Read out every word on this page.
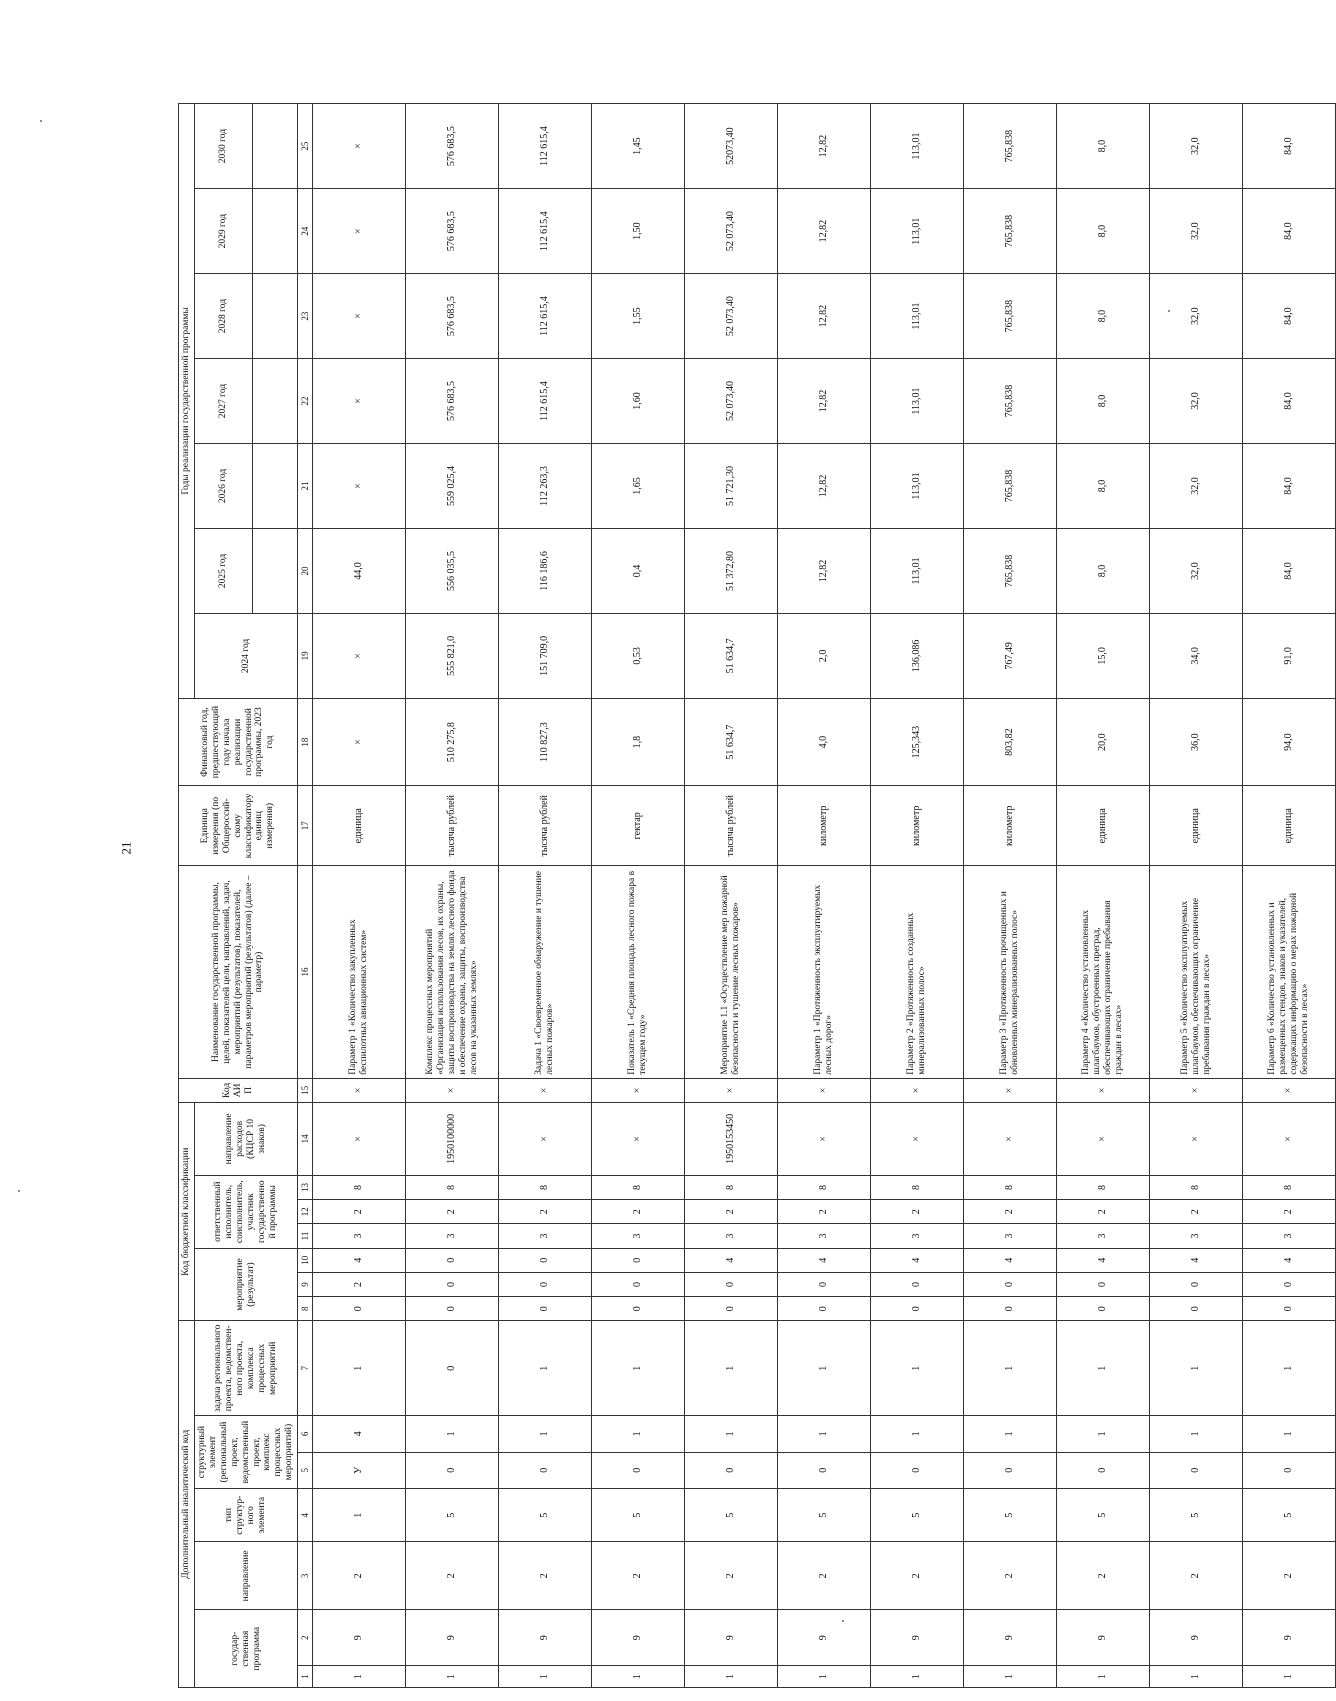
21
Дополнительный аналитический код							Код бюджетной классификации							Код АИП	Наименование государственной программы, целей, показателей цели, направлений, задач, мероприятий (результатов), показателей, параметров мероприятий (результатов) (далее – параметр)	Единица измерения (по Общероссий- скому классификатору единиц измерения)	Финансовый год, предшествующий году начала реализации государственной программы, 2023 год	Годы реализации государственной программы						
государ- ственная программа		направление	тип структур- ного элемента	структурный элемент (региональный проект, ведомственный проект, комплекс процессных мероприятий)		задача регионального проекта, ведомствен- ного проекта, комплекса процессных мероприятий	мероприятие (результат)			ответственный исполнитель, соисполнитель, участник государственной программы			направление расходов (КЦСР 10 знаков)					2024 год	2025 год	2026 год	2027 год	2028 год	2029 год	2030 год

1	2	3	4	5	6	7	8	9	10	11	12	13	14	15	16	17	18	19	20	21	22	23	24	25
1	9	2	1	У	4	1	0	2	4	3	2	8	×	×	Параметр 1 «Количество закупленных беспилотных авиационных систем»	единица	×	×	44,0	×	×	×	×	×
1	9	2	5	0	1	0	0	0	0	3	2	8	1950100000	×	Комплекс процессных мероприятий «Организация использования лесов, их охраны, защиты воспроизводства на землях лесного фонда и обеспечение охраны, защиты, воспроизводства лесов на указанных землях»	тысяча рублей	510 275,8	555 821,0	556 035,5	559 025,4	576 683,5	576 683,5	576 683,5	576 683,5
1	9	2	5	0	1	1	0	0	0	3	2	8	×	×	Задача 1 «Своевременное обнаружение и тушение лесных пожаров»	тысяча рублей	110 827,3	151 709,0	116 186,6	112 263,3	112 615,4	112 615,4	112 615,4	112 615,4
1	9	2	5	0	1	1	0	0	0	3	2	8	×	×	Показатель 1 «Средняя площадь лесного пожара в текущем году»	гектар	1,8	0,53	0,4	1,65	1,60	1,55	1,50	1,45
1	9	2	5	0	1	1	0	0	4	3	2	8	1950153450	×	Мероприятие 1.1 «Осуществление мер пожарной безопасности и тушение лесных пожаров»	тысяча рублей	51 634,7	51 634,7	51 372,80	51 721,30	52 073,40	52 073,40	52 073,40	52073,40
1	9	2	5	0	1	1	0	0	4	3	2	8	×	×	Параметр 1 «Протяженность эксплуатируемых лесных дорог»	километр	4,0	2,0	12,82	12,82	12,82	12,82	12,82	12,82
1	9	2	5	0	1	1	0	0	4	3	2	8	×	×	Параметр 2 «Протяженность созданных минерализованных полос»	километр	125,343	136,086	113,01	113,01	113,01	113,01	113,01	113,01
1	9	2	5	0	1	1	0	0	4	3	2	8	×	×	Параметр 3 «Протяженность прочищенных и обновленных минерализованных полос»	километр	803,82	767,49	765,838	765,838	765,838	765,838	765,838	765,838
1	9	2	5	0	1	1	0	0	4	3	2	8	×	×	Параметр 4 «Количество установленных шлагбаумов, обустроенных преград, обеспечивающих ограничение пребывания граждан в лесах»	единица	20,0	15,0	8,0	8,0	8,0	8,0	8,0	8,0
1	9	2	5	0	1	1	0	0	4	3	2	8	×	×	Параметр 5 «Количество эксплуатируемых шлагбаумов, обеспечивающих ограничение пребывания граждан в лесах»	единица	36,0	34,0	32,0	32,0	32,0	32,0	32,0	32,0
1	9	2	5	0	1	1	0	0	4	3	2	8	×	×	Параметр 6 «Количество установленных и размещенных стендов, знаков и указателей, содержащих информацию о мерах пожарной безопасности в лесах»	единица	94,0	91,0	84,0	84,0	84,0	84,0	84,0	84,0
